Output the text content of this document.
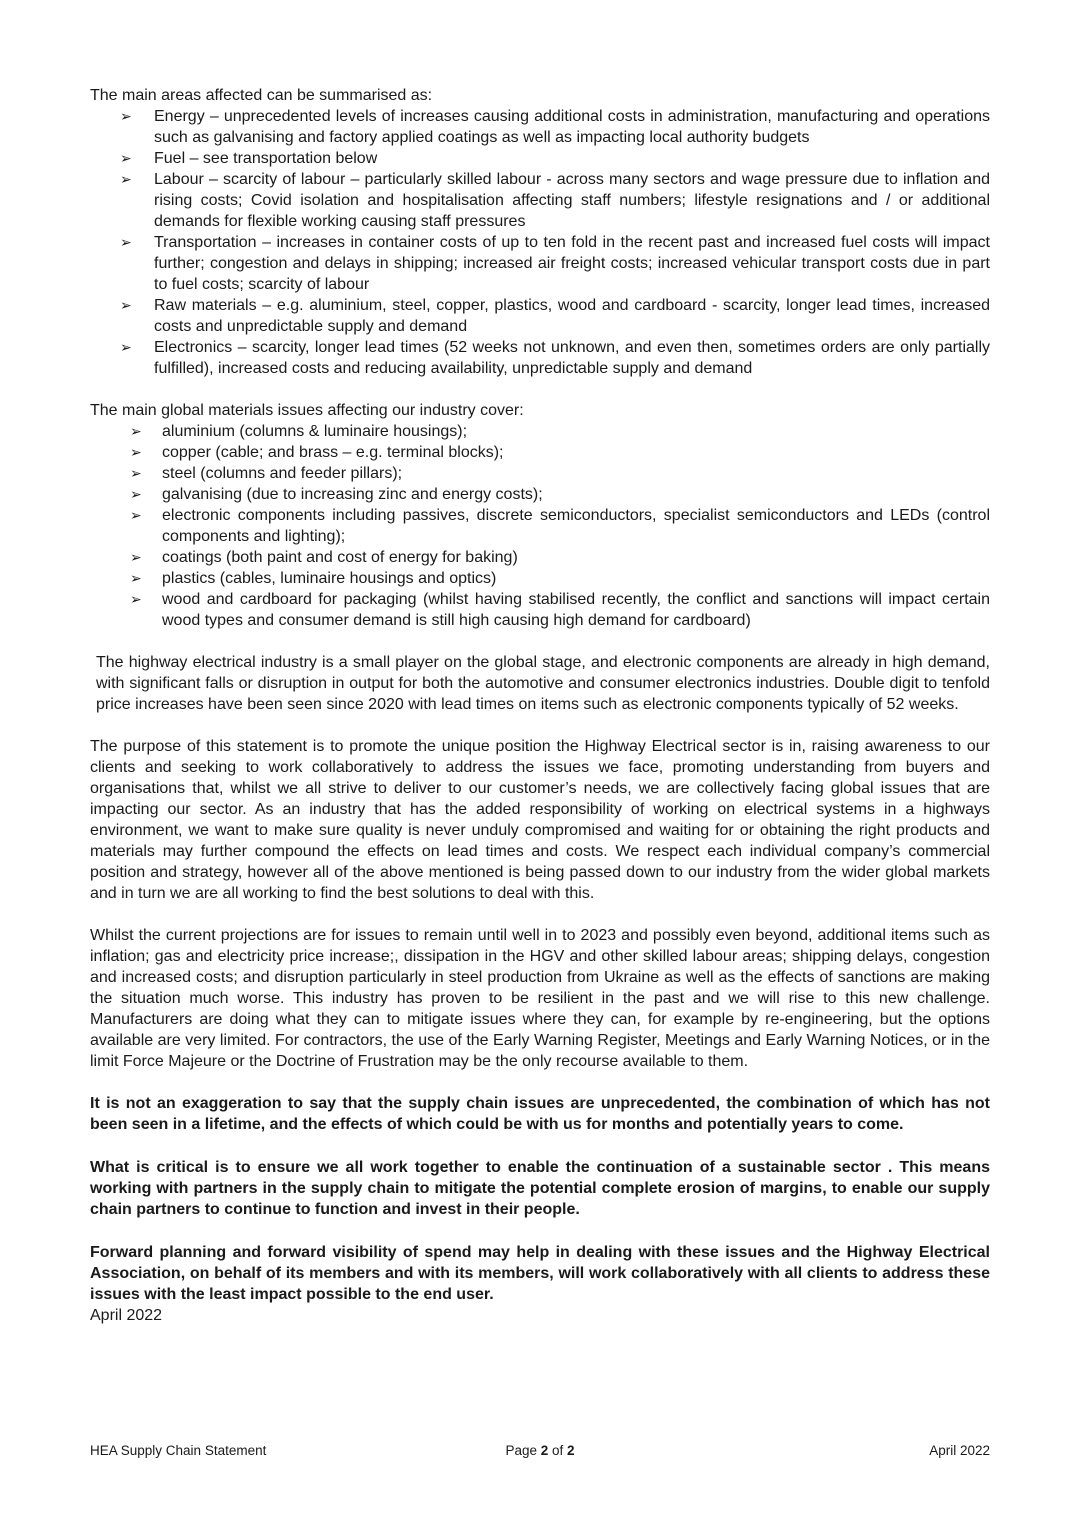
The main areas affected can be summarised as:

➢ Energy – unprecedented levels of increases causing additional costs in administration, manufacturing and operations such as galvanising and factory applied coatings as well as impacting local authority budgets
➢ Fuel – see transportation below
➢ Labour – scarcity of labour – particularly skilled labour - across many sectors and wage pressure due to inflation and rising costs; Covid isolation and hospitalisation affecting staff numbers; lifestyle resignations and / or additional demands for flexible working causing staff pressures
➢ Transportation – increases in container costs of up to ten fold in the recent past and increased fuel costs will impact further; congestion and delays in shipping; increased air freight costs; increased vehicular transport costs due in part to fuel costs; scarcity of labour
➢ Raw materials – e.g. aluminium, steel, copper, plastics, wood and cardboard - scarcity, longer lead times, increased costs and unpredictable supply and demand
➢ Electronics – scarcity, longer lead times (52 weeks not unknown, and even then, sometimes orders are only partially fulfilled), increased costs and reducing availability, unpredictable supply and demand

The main global materials issues affecting our industry cover:

➢ aluminium (columns & luminaire housings);
➢ copper (cable; and brass – e.g. terminal blocks);
➢ steel (columns and feeder pillars);
➢ galvanising (due to increasing zinc and energy costs);
➢ electronic components including passives, discrete semiconductors, specialist semiconductors and LEDs (control components and lighting);
➢ coatings (both paint and cost of energy for baking)
➢ plastics (cables, luminaire housings and optics)
➢ wood and cardboard for packaging (whilst having stabilised recently, the conflict and sanctions will impact certain wood types and consumer demand is still high causing high demand for cardboard)

The highway electrical industry is a small player on the global stage, and electronic components are already in high demand, with significant falls or disruption in output for both the automotive and consumer electronics industries. Double digit to tenfold price increases have been seen since 2020 with lead times on items such as electronic components typically of 52 weeks.

The purpose of this statement is to promote the unique position the Highway Electrical sector is in, raising awareness to our clients and seeking to work collaboratively to address the issues we face, promoting understanding from buyers and organisations that, whilst we all strive to deliver to our customer’s needs, we are collectively facing global issues that are impacting our sector. As an industry that has the added responsibility of working on electrical systems in a highways environment, we want to make sure quality is never unduly compromised and waiting for or obtaining the right products and materials may further compound the effects on lead times and costs. We respect each individual company’s commercial position and strategy, however all of the above mentioned is being passed down to our industry from the wider global markets and in turn we are all working to find the best solutions to deal with this.

Whilst the current projections are for issues to remain until well in to 2023 and possibly even beyond, additional items such as inflation; gas and electricity price increase;, dissipation in the HGV and other skilled labour areas; shipping delays, congestion and increased costs; and disruption particularly in steel production from Ukraine as well as the effects of sanctions are making the situation much worse. This industry has proven to be resilient in the past and we will rise to this new challenge. Manufacturers are doing what they can to mitigate issues where they can, for example by re-engineering, but the options available are very limited. For contractors, the use of the Early Warning Register, Meetings and Early Warning Notices, or in the limit Force Majeure or the Doctrine of Frustration may be the only recourse available to them.

It is not an exaggeration to say that the supply chain issues are unprecedented, the combination of which has not been seen in a lifetime, and the effects of which could be with us for months and potentially years to come.

What is critical is to ensure we all work together to enable the continuation of a sustainable sector . This means working with partners in the supply chain to mitigate the potential complete erosion of margins, to enable our supply chain partners to continue to function and invest in their people.

Forward planning and forward visibility of spend may help in dealing with these issues and the Highway Electrical Association, on behalf of its members and with its members, will work collaboratively with all clients to address these issues with the least impact possible to the end user.

April 2022

HEA Supply Chain Statement	Page 2 of 2	April 2022
